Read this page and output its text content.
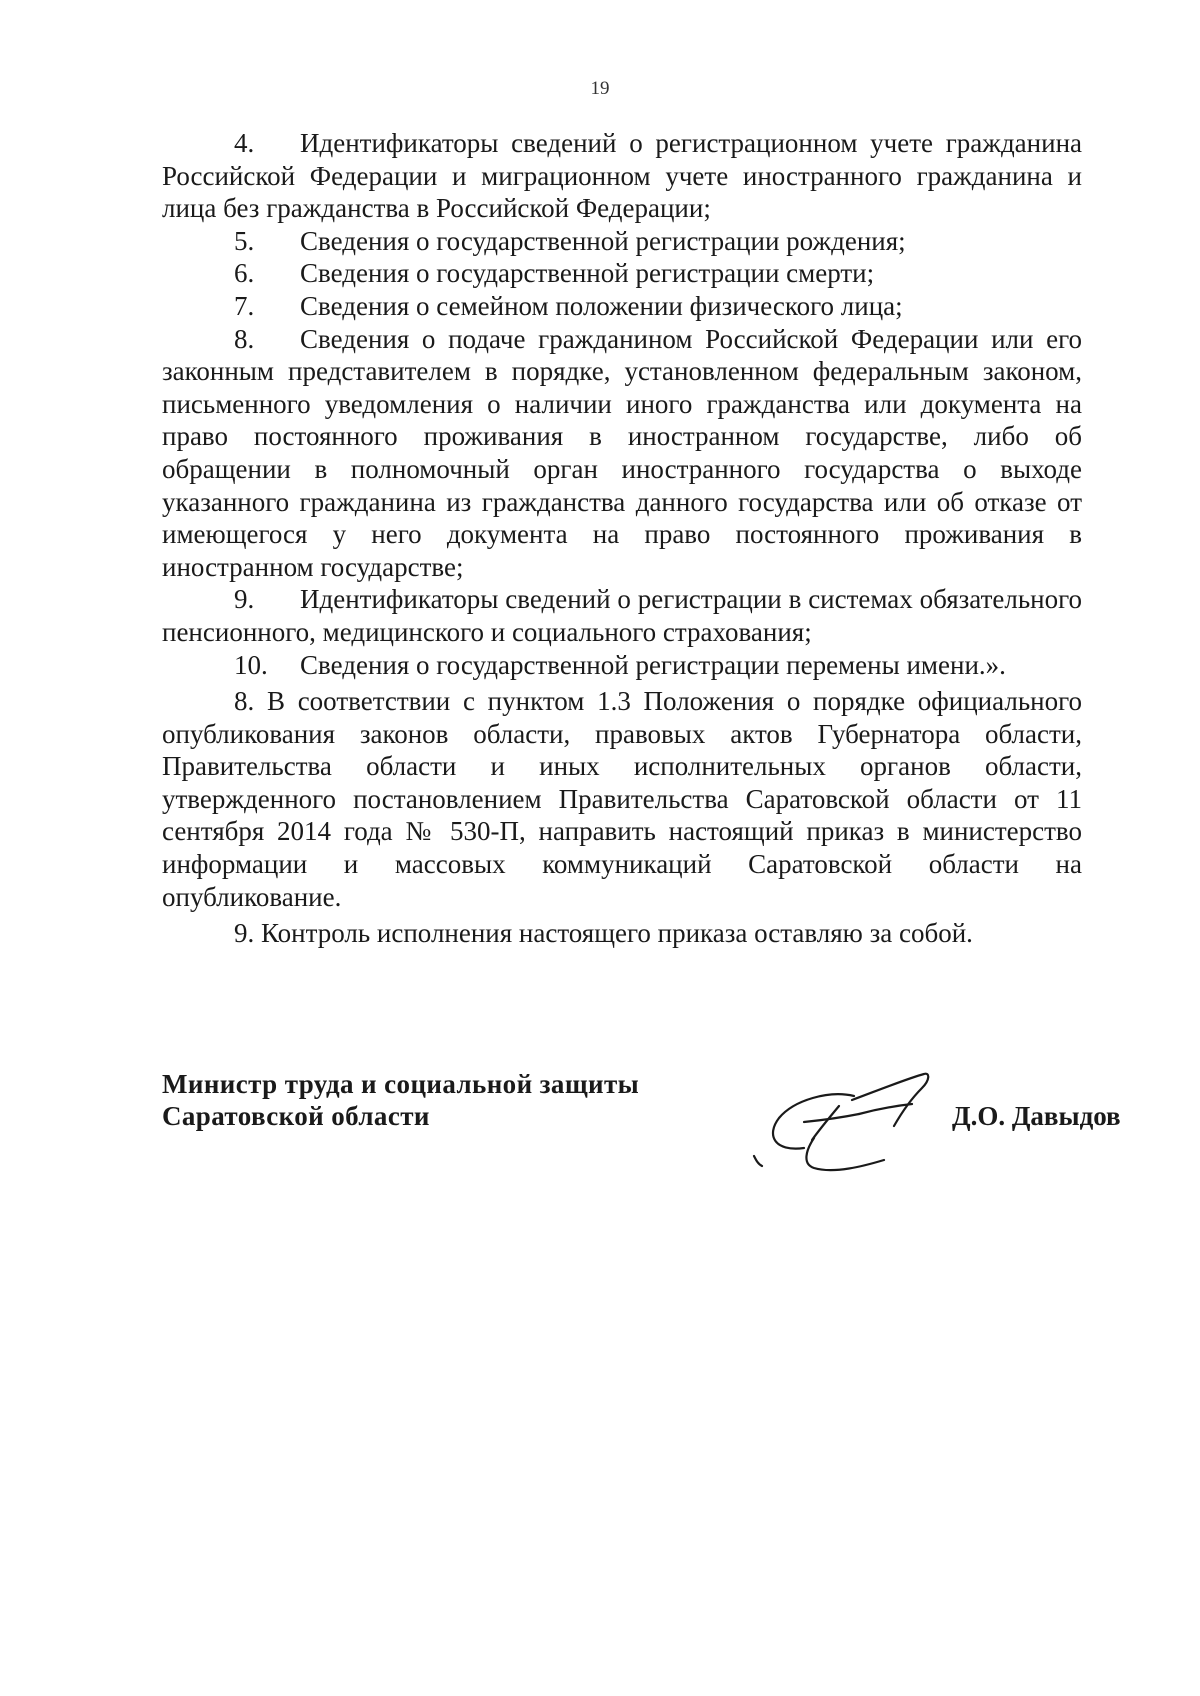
19

4. Идентификаторы сведений о регистрационном учете гражданина Российской Федерации и миграционном учете иностранного гражданина и лица без гражданства в Российской Федерации;

5. Сведения о государственной регистрации рождения;

6. Сведения о государственной регистрации смерти;

7. Сведения о семейном положении физического лица;

8. Сведения о подаче гражданином Российской Федерации или его законным представителем в порядке, установленном федеральным законом, письменного уведомления о наличии иного гражданства или документа на право постоянного проживания в иностранном государстве, либо об обращении в полномочный орган иностранного государства о выходе указанного гражданина из гражданства данного государства или об отказе от имеющегося у него документа на право постоянного проживания в иностранном государстве;

9. Идентификаторы сведений о регистрации в системах обязательного пенсионного, медицинского и социального страхования;

10. Сведения о государственной регистрации перемены имени.».

8. В соответствии с пунктом 1.3 Положения о порядке официального опубликования законов области, правовых актов Губернатора области, Правительства области и иных исполнительных органов области, утвержденного постановлением Правительства Саратовской области от 11 сентября 2014 года № 530-П, направить настоящий приказ в министерство информации и массовых коммуникаций Саратовской области на опубликование.

9. Контроль исполнения настоящего приказа оставляю за собой.

Министр труда и социальной защиты
Саратовской области	Д.О. Давыдов
